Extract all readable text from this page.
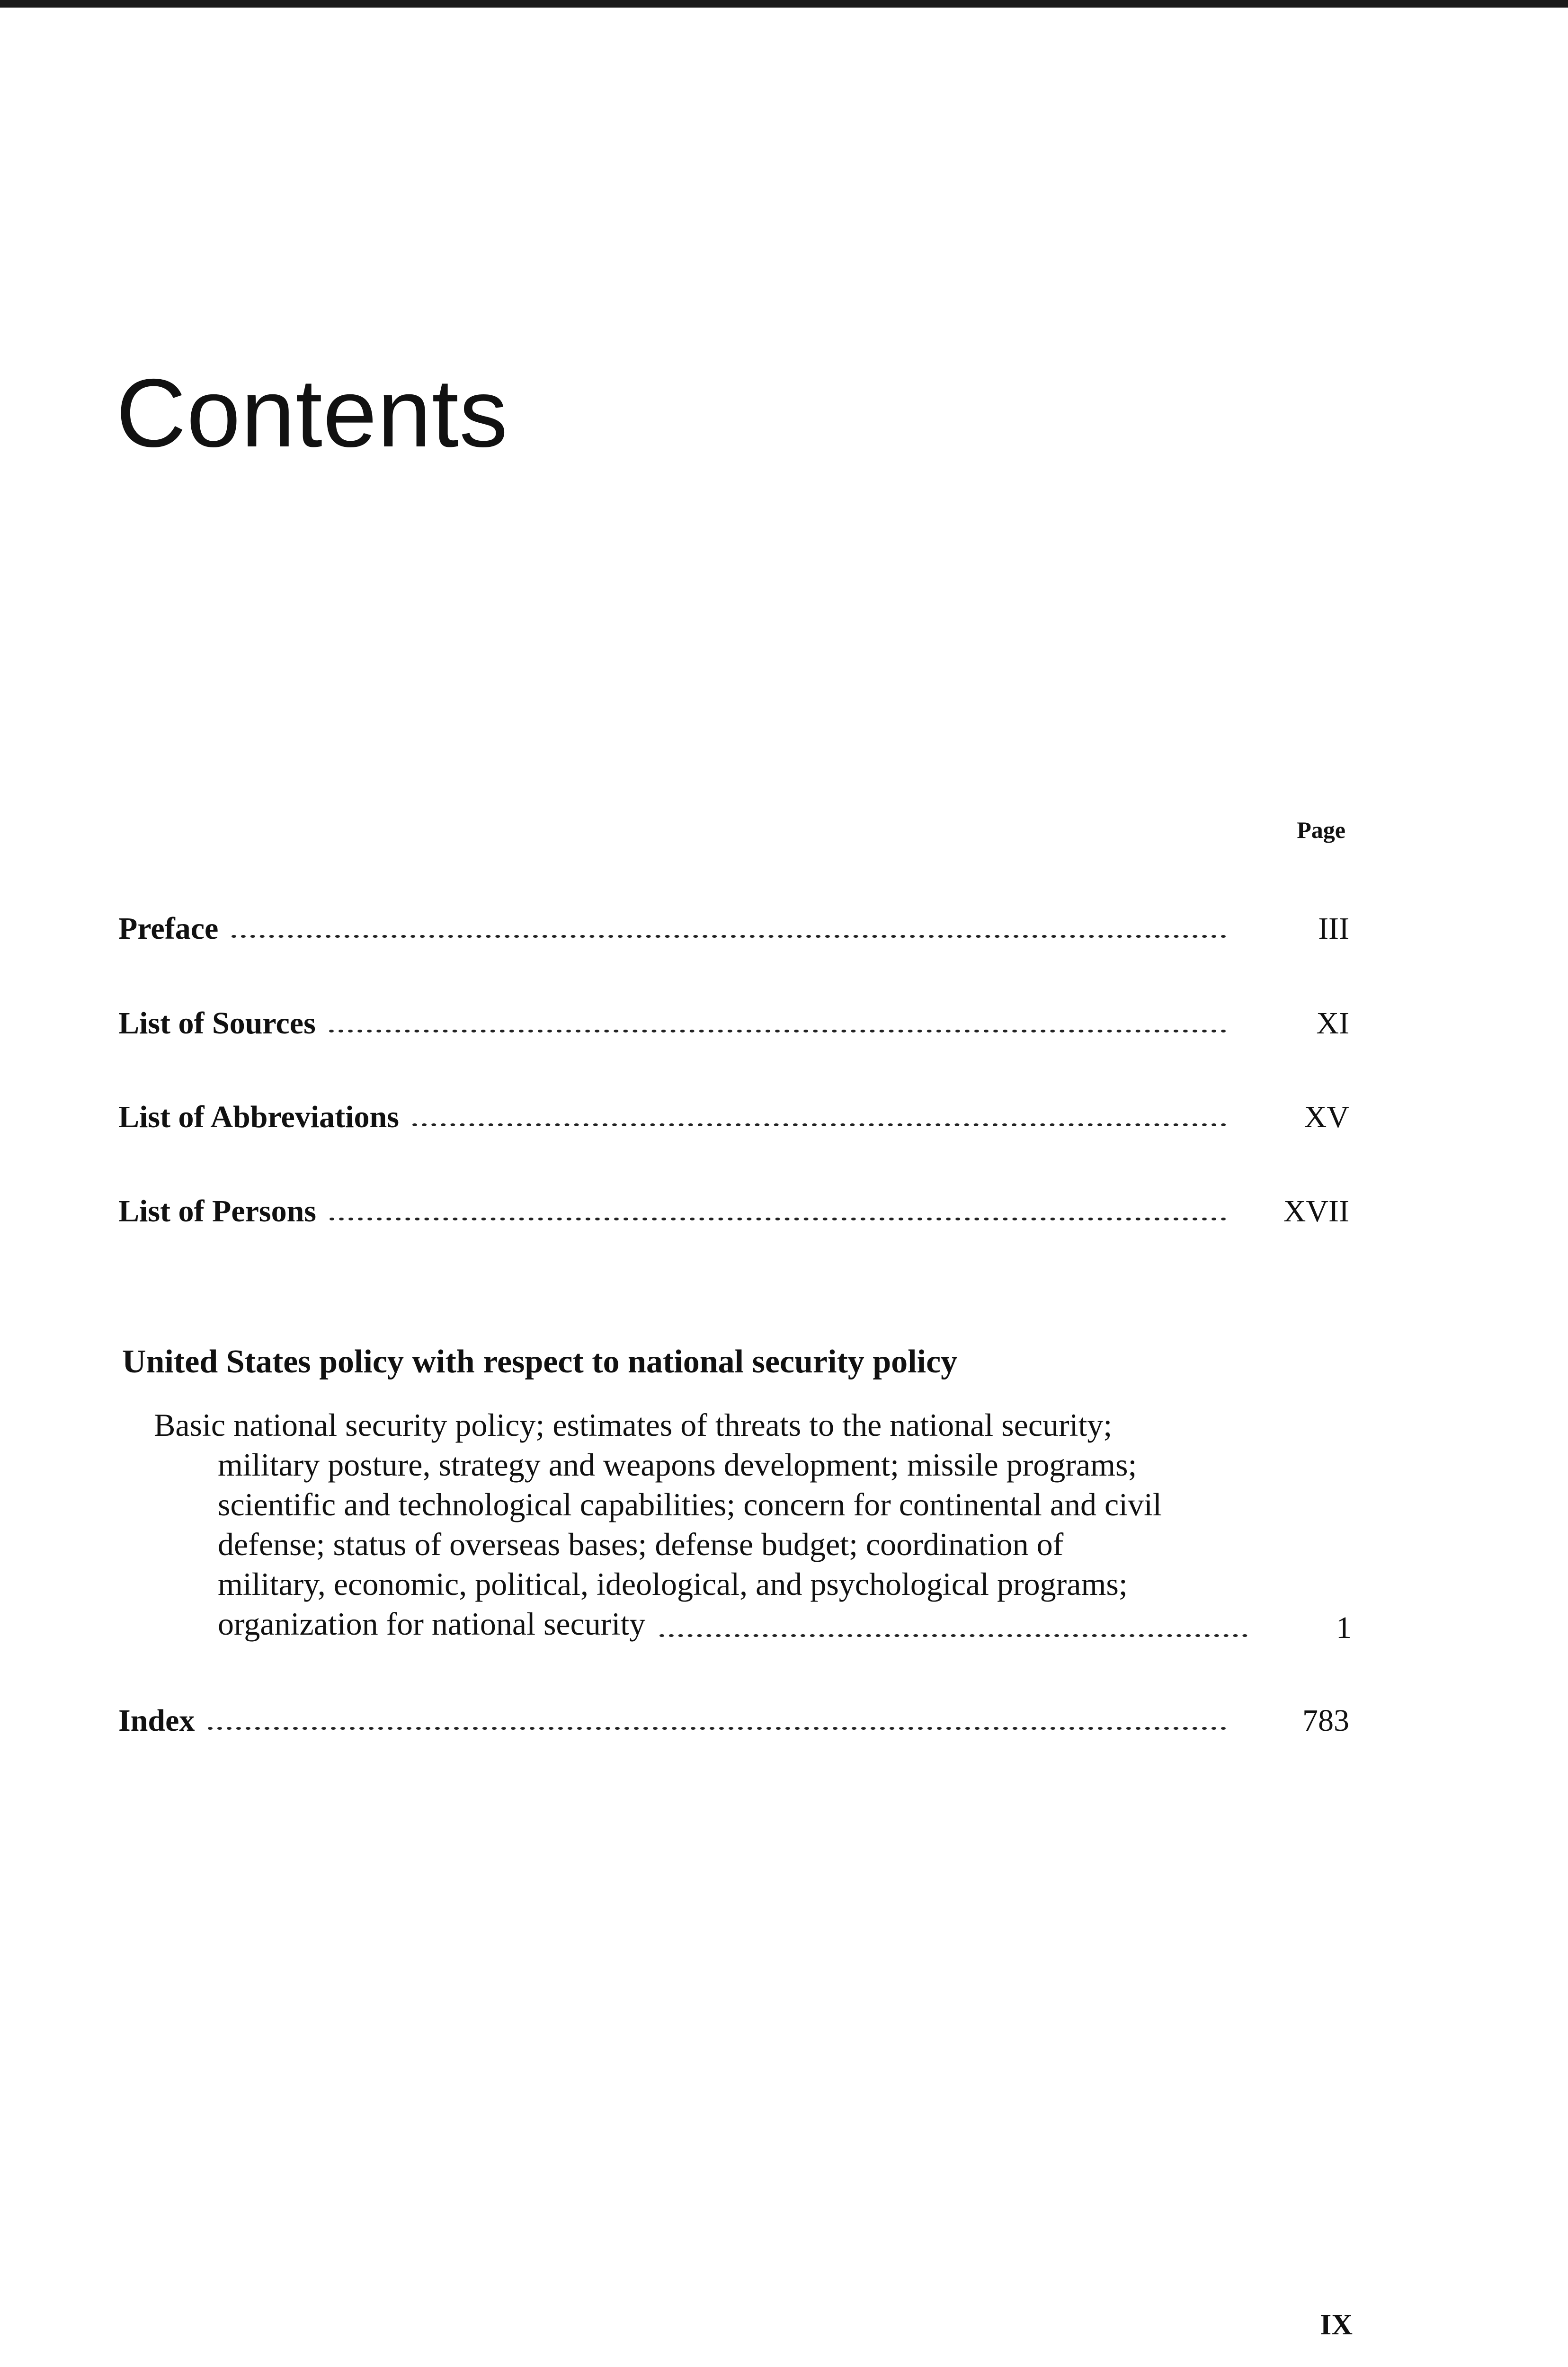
Contents
Page
Preface	III
List of Sources	XI
List of Abbreviations	XV
List of Persons	XVII
United States policy with respect to national security policy
Basic national security policy; estimates of threats to the national security;
military posture, strategy and weapons development; missile programs;
scientific and technological capabilities; concern for continental and civil
defense; status of overseas bases; defense budget; coordination of
military, economic, political, ideological, and psychological programs;
organization for national security	1
Index	783
IX
